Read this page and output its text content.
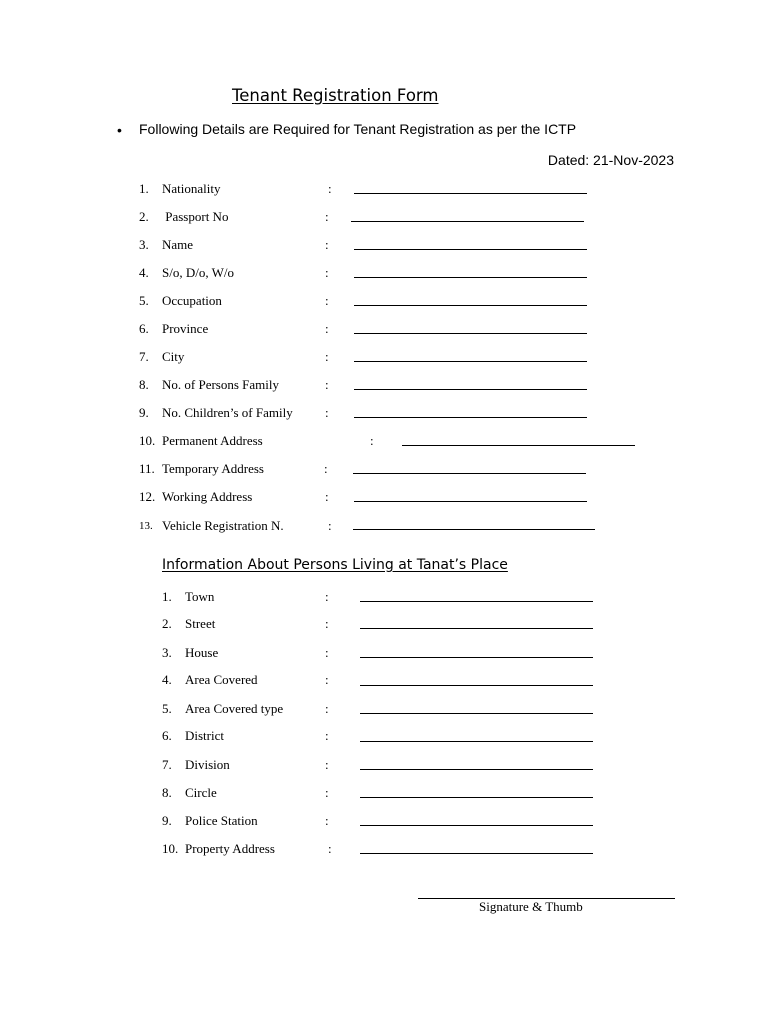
Tenant Registration Form
• Following Details are Required for Tenant Registration as per the ICTP
Dated: 21-Nov-2023
1. Nationality	:
2. Passport No	:
3. Name	:
4. S/o, D/o, W/o	:
5. Occupation	:
6. Province	:
7. City	:
8. No. of Persons Family	:
9. No. Children’s of Family :
10. Permanent Address	:
11. Temporary Address	:
12. Working Address	:
13. Vehicle Registration N.	:
Information About Persons Living at Tanat’s Place
1. Town	:
2. Street	:
3. House	:
4. Area Covered	:
5. Area Covered type	:
6. District	:
7. Division	:
8. Circle	:
9. Police Station	:
10. Property Address	:
Signature & Thumb
